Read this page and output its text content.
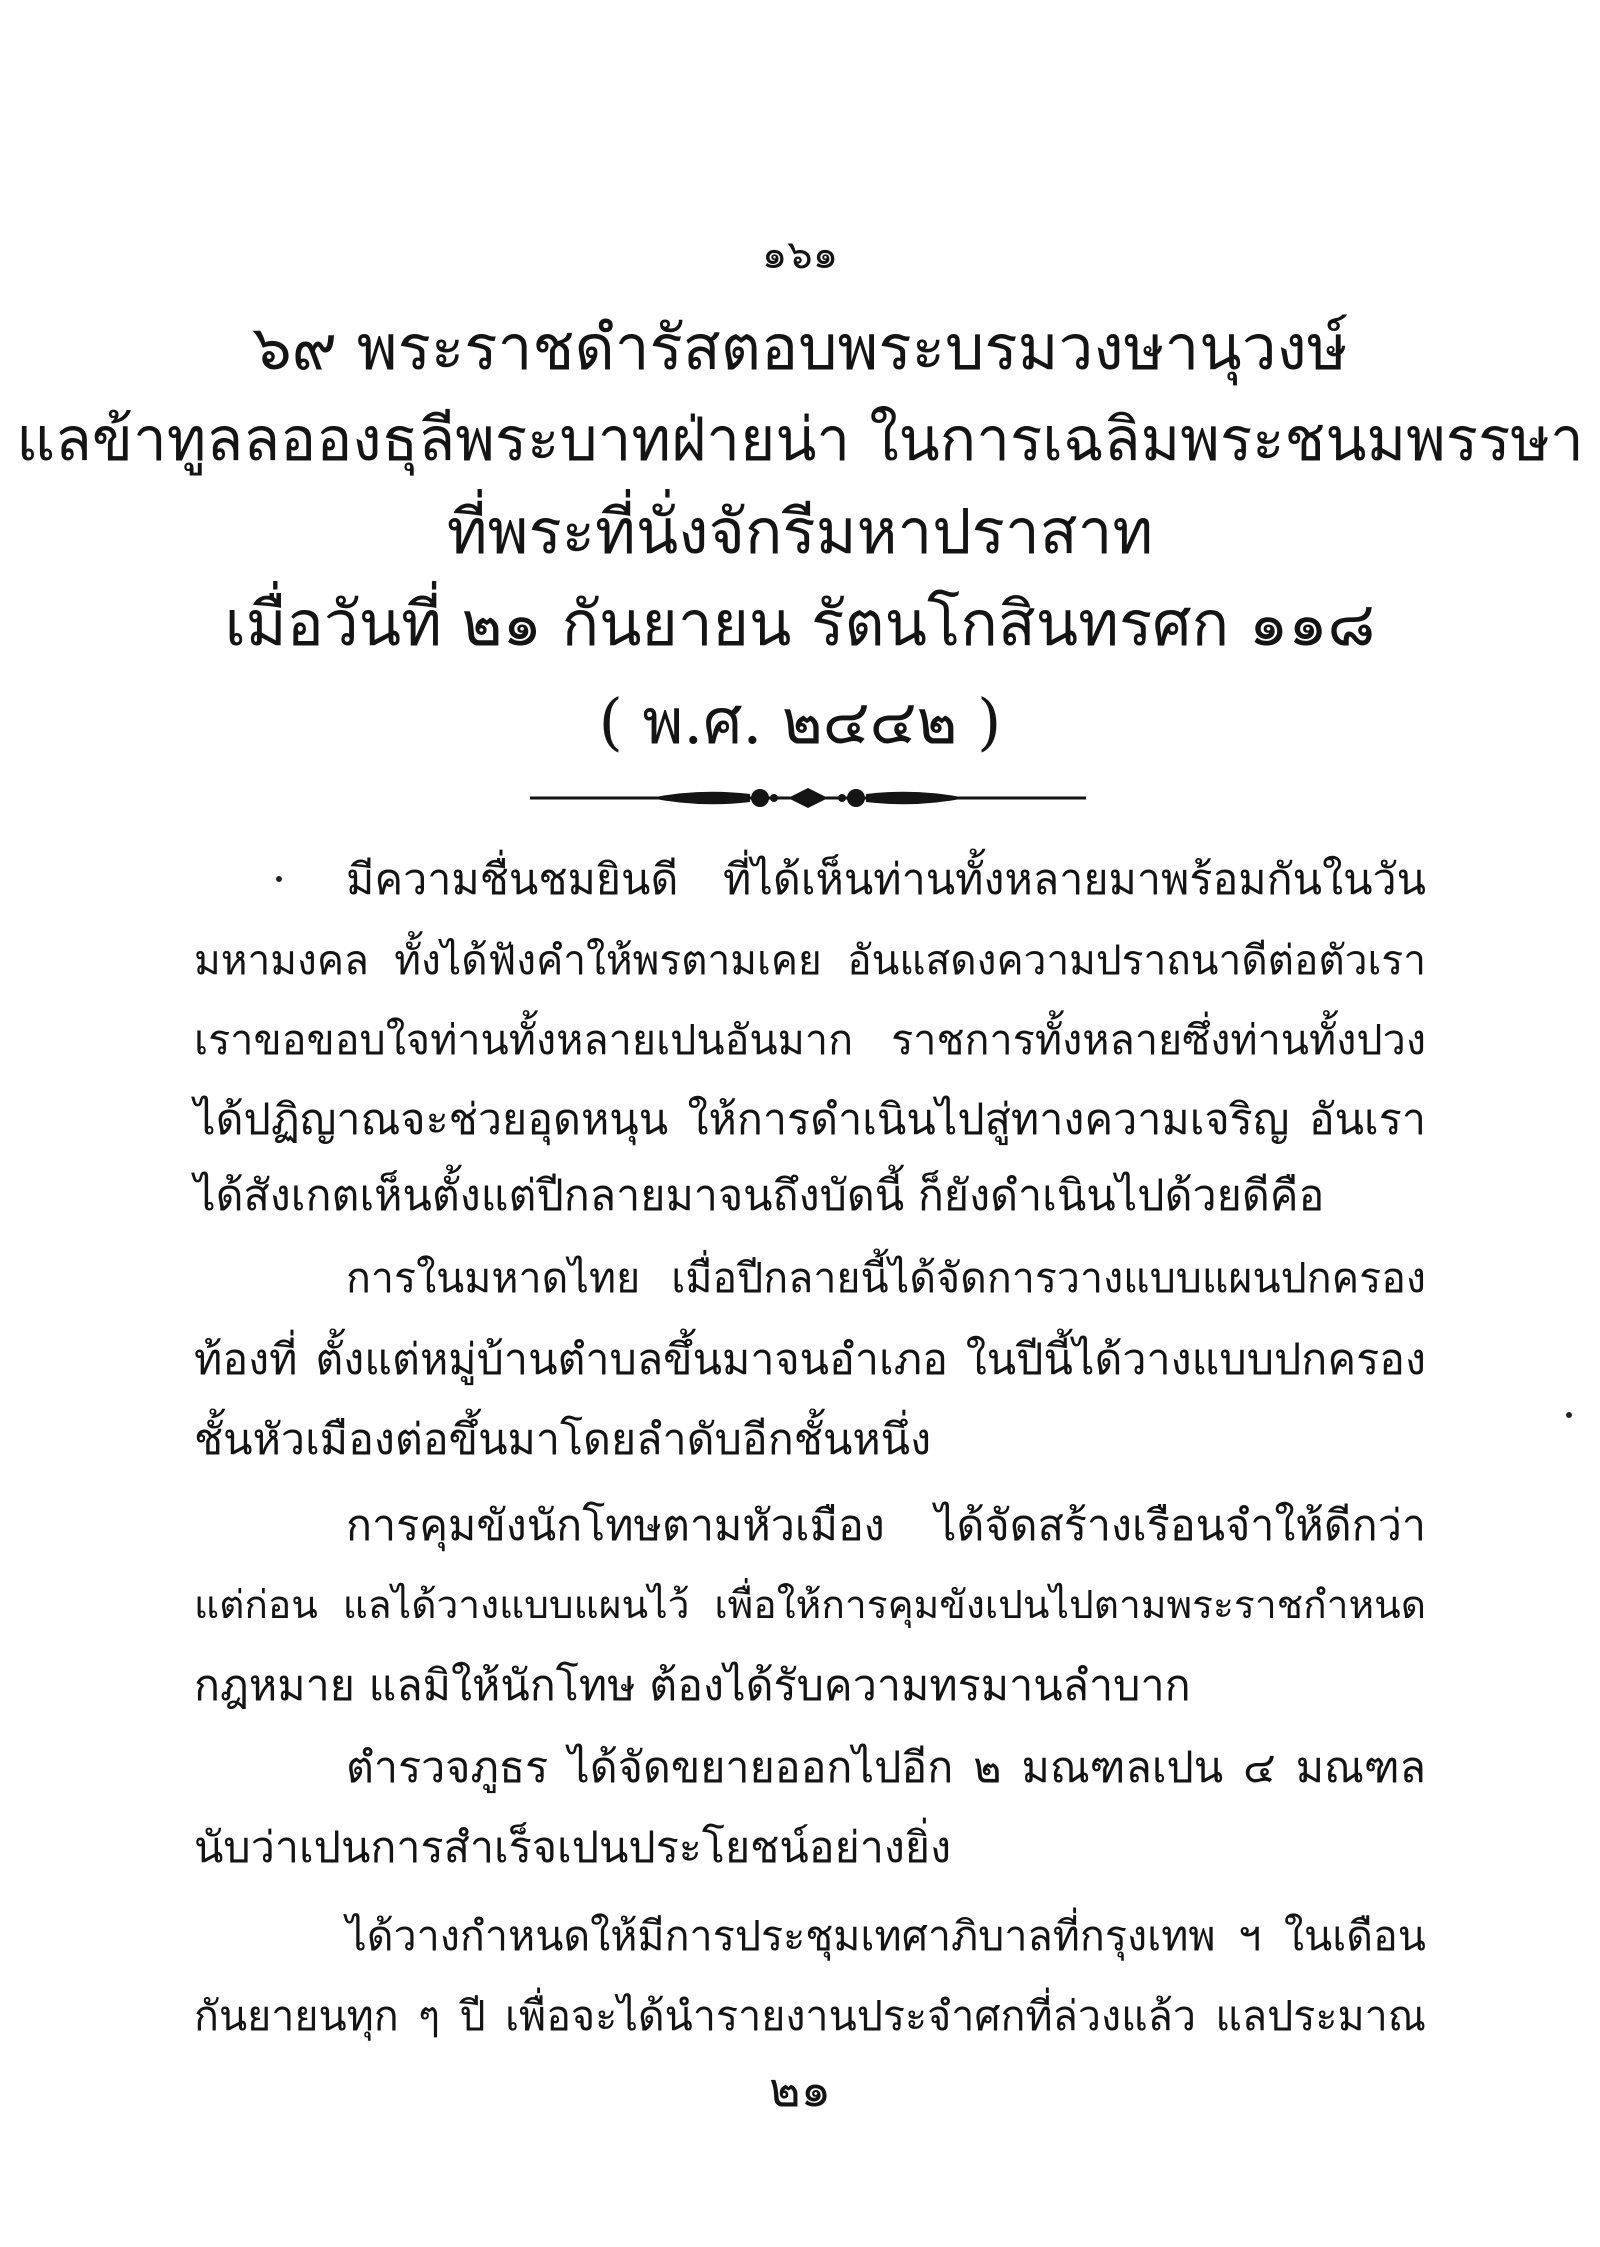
๑๖๑
๖๙ พระราชดำรัสตอบพระบรมวงษานุวงษ์
แลข้าทูลลอองธุลีพระบาทฝ่ายน่า ในการเฉลิมพระชนมพรรษา
ที่พระที่นั่งจักรีมหาปราสาท
เมื่อวันที่ ๒๑ กันยายน รัตนโกสินทรศก ๑๑๘
( พ.ศ. ๒๔๔๒ )
มีความชื่นชมยินดี ที่ได้เห็นท่านทั้งหลายมาพร้อมกันในวัน
มหามงคล ทั้งได้ฟังคำให้พรตามเคย อันแสดงความปราถนาดีต่อตัวเรา
เราขอขอบใจท่านทั้งหลายเปนอันมาก ราชการทั้งหลายซึ่งท่านทั้งปวง
ได้ปฏิญาณจะช่วยอุดหนุน ให้การดำเนินไปสู่ทางความเจริญ อันเรา
ได้สังเกตเห็นตั้งแต่ปีกลายมาจนถึงบัดนี้ ก็ยังดำเนินไปด้วยดีคือ
การในมหาดไทย เมื่อปีกลายนี้ได้จัดการวางแบบแผนปกครอง
ท้องที่ ตั้งแต่หมู่บ้านตำบลขึ้นมาจนอำเภอ ในปีนี้ได้วางแบบปกครอง
ชั้นหัวเมืองต่อขึ้นมาโดยลำดับอีกชั้นหนึ่ง
การคุมขังนักโทษตามหัวเมือง ได้จัดสร้างเรือนจำให้ดีกว่า
แต่ก่อน แลได้วางแบบแผนไว้ เพื่อให้การคุมขังเปนไปตามพระราชกำหนด
กฎหมาย แลมิให้นักโทษ ต้องได้รับความทรมานลำบาก
ตำรวจภูธร ได้จัดขยายออกไปอีก ๒ มณฑลเปน ๔ มณฑล
นับว่าเปนการสำเร็จเปนประโยชน์อย่างยิ่ง
ได้วางกำหนดให้มีการประชุมเทศาภิบาลที่กรุงเทพ ฯ ในเดือน
กันยายนทุก ๆ ปี เพื่อจะได้นำรายงานประจำศกที่ล่วงแล้ว แลประมาณ
๒๑
